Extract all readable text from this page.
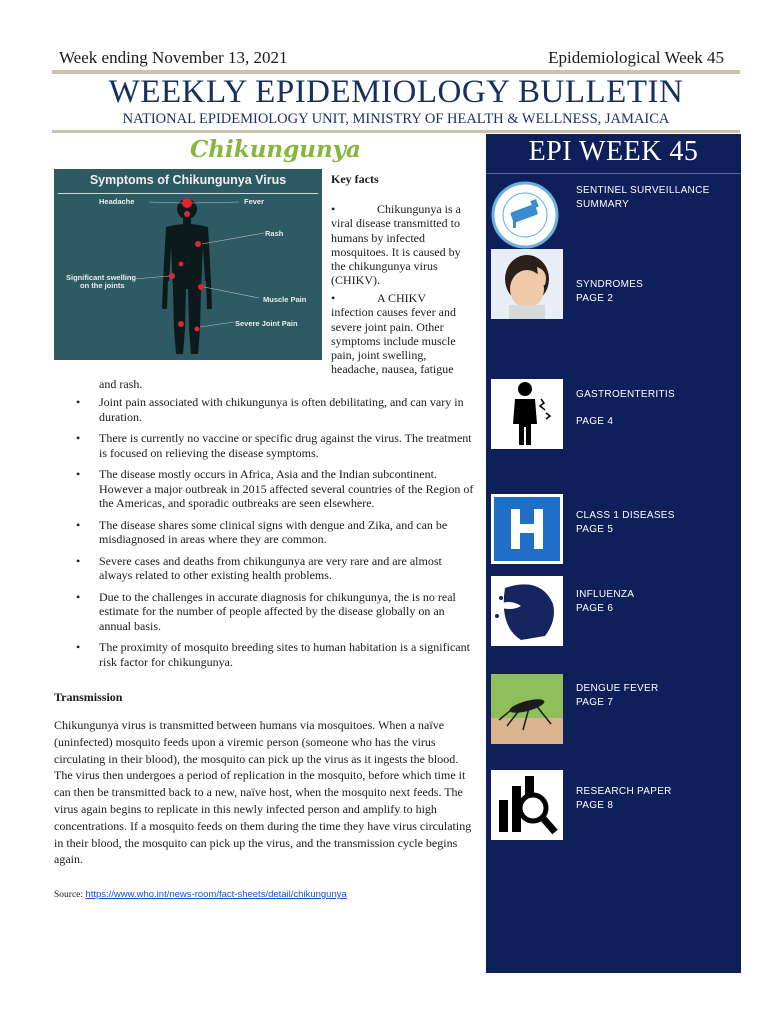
Week ending November 13, 2021	Epidemiological Week 45
WEEKLY EPIDEMIOLOGY BULLETIN
NATIONAL EPIDEMIOLOGY UNIT, MINISTRY OF HEALTH & WELLNESS, JAMAICA
Chikungunya
Symptoms of Chikungunya Virus
Headache	Fever
Rash
Significant swelling
on the joints
Muscle Pain
Severe Joint Pain
Key facts
•	Chikungunya is a
viral disease transmitted to
humans by infected
mosquitoes. It is caused by
the chikungunya virus
(CHIKV).
•	A CHIKV
infection causes fever and
severe joint pain. Other
symptoms include muscle
pain, joint swelling,
headache, nausea, fatigue
and rash.
• Joint pain associated with chikungunya is often debilitating, and can vary in duration.
• There is currently no vaccine or specific drug against the virus. The treatment is focused on relieving the disease symptoms.
• The disease mostly occurs in Africa, Asia and the Indian subcontinent. However a major outbreak in 2015 affected several countries of the Region of the Americas, and sporadic outbreaks are seen elsewhere.
• The disease shares some clinical signs with dengue and Zika, and can be misdiagnosed in areas where they are common.
• Severe cases and deaths from chikungunya are very rare and are almost always related to other existing health problems.
• Due to the challenges in accurate diagnosis for chikungunya, the is no real estimate for the number of people affected by the disease globally on an annual basis.
• The proximity of mosquito breeding sites to human habitation is a significant risk factor for chikungunya.
Transmission
Chikungunya virus is transmitted between humans via mosquitoes. When a naïve (uninfected) mosquito feeds upon a viremic person (someone who has the virus circulating in their blood), the mosquito can pick up the virus as it ingests the blood. The virus then undergoes a period of replication in the mosquito, before which time it can then be transmitted back to a new, naïve host, when the mosquito next feeds. The virus again begins to replicate in this newly infected person and amplify to high concentrations. If a mosquito feeds on them during the time they have virus circulating in their blood, the mosquito can pick up the virus, and the transmission cycle begins again.
Source: https://www.who.int/news-room/fact-sheets/detail/chikungunya
EPI WEEK 45
SENTINEL SURVEILLANCE
SUMMARY
SYNDROMES
PAGE 2
GASTROENTERITIS
PAGE 4
CLASS 1 DISEASES
PAGE 5
INFLUENZA
PAGE 6
DENGUE FEVER
PAGE 7
RESEARCH PAPER
PAGE 8
